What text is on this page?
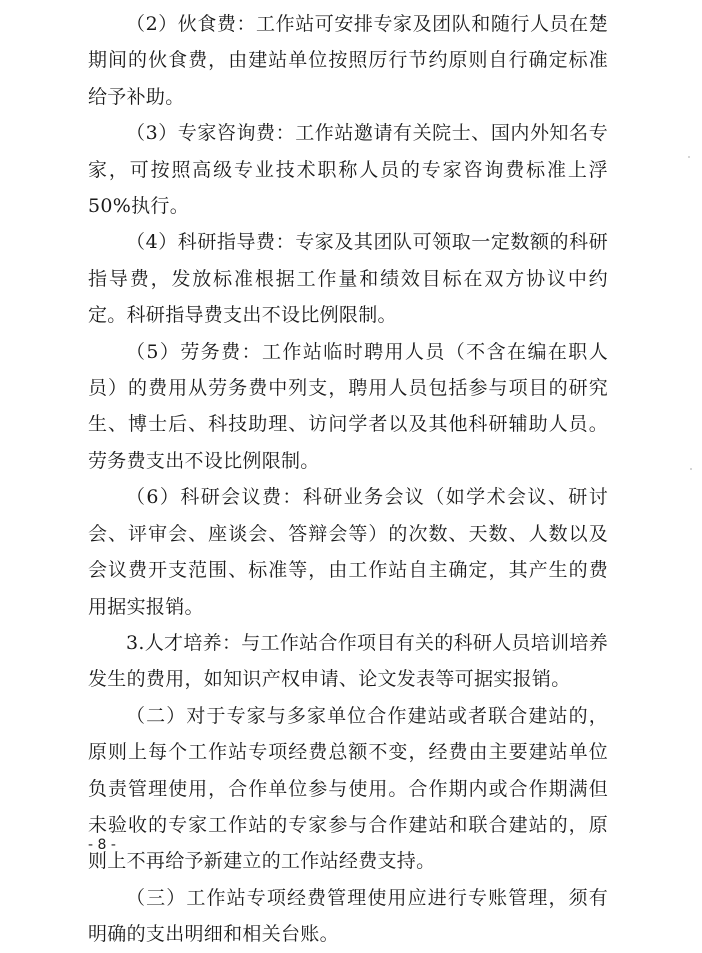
（2）伙食费：工作站可安排专家及团队和随行人员在楚期间的伙食费，由建站单位按照厉行节约原则自行确定标准给予补助。

（3）专家咨询费：工作站邀请有关院士、国内外知名专家，可按照高级专业技术职称人员的专家咨询费标准上浮50%执行。

（4）科研指导费：专家及其团队可领取一定数额的科研指导费，发放标准根据工作量和绩效目标在双方协议中约定。科研指导费支出不设比例限制。

（5）劳务费：工作站临时聘用人员（不含在编在职人员）的费用从劳务费中列支，聘用人员包括参与项目的研究生、博士后、科技助理、访问学者以及其他科研辅助人员。劳务费支出不设比例限制。

（6）科研会议费：科研业务会议（如学术会议、研讨会、评审会、座谈会、答辩会等）的次数、天数、人数以及会议费开支范围、标准等，由工作站自主确定，其产生的费用据实报销。

3.人才培养：与工作站合作项目有关的科研人员培训培养发生的费用，如知识产权申请、论文发表等可据实报销。

（二）对于专家与多家单位合作建站或者联合建站的，原则上每个工作站专项经费总额不变，经费由主要建站单位负责管理使用，合作单位参与使用。合作期内或合作期满但未验收的专家工作站的专家参与合作建站和联合建站的，原则上不再给予新建立的工作站经费支持。

（三）工作站专项经费管理使用应进行专账管理，须有明确的支出明细和相关台账。

- 8 -
